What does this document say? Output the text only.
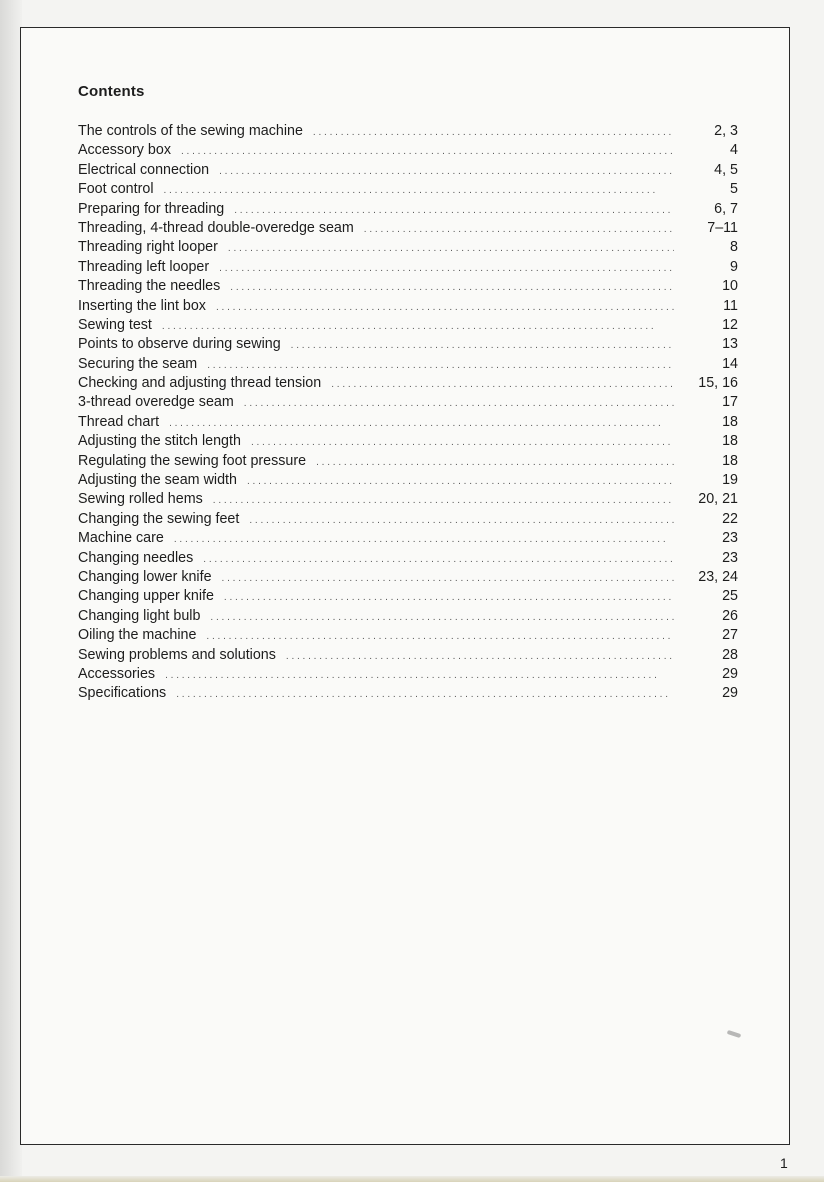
Contents
The controls of the sewing machine . . .	2, 3
Accessory box . . .	4
Electrical connection . . .	4, 5
Foot control . . .	5
Preparing for threading . . .	6, 7
Threading, 4-thread double-overedge seam . . .	7–11
Threading right looper . . .	8
Threading left looper . . .	9
Threading the needles . . .	10
Inserting the lint box . . .	11
Sewing test . . .	12
Points to observe during sewing . . .	13
Securing the seam . . .	14
Checking and adjusting thread tension . . .	15, 16
3-thread overedge seam . . .	17
Thread chart . . .	18
Adjusting the stitch length . . .	18
Regulating the sewing foot pressure . . .	18
Adjusting the seam width . . .	19
Sewing rolled hems . . .	20, 21
Changing the sewing feet . . .	22
Machine care . . .	23
Changing needles . . .	23
Changing lower knife . . .	23, 24
Changing upper knife . . .	25
Changing light bulb . . .	26
Oiling the machine . . .	27
Sewing problems and solutions . . .	28
Accessories . . .	29
Specifications . . .	29
1
